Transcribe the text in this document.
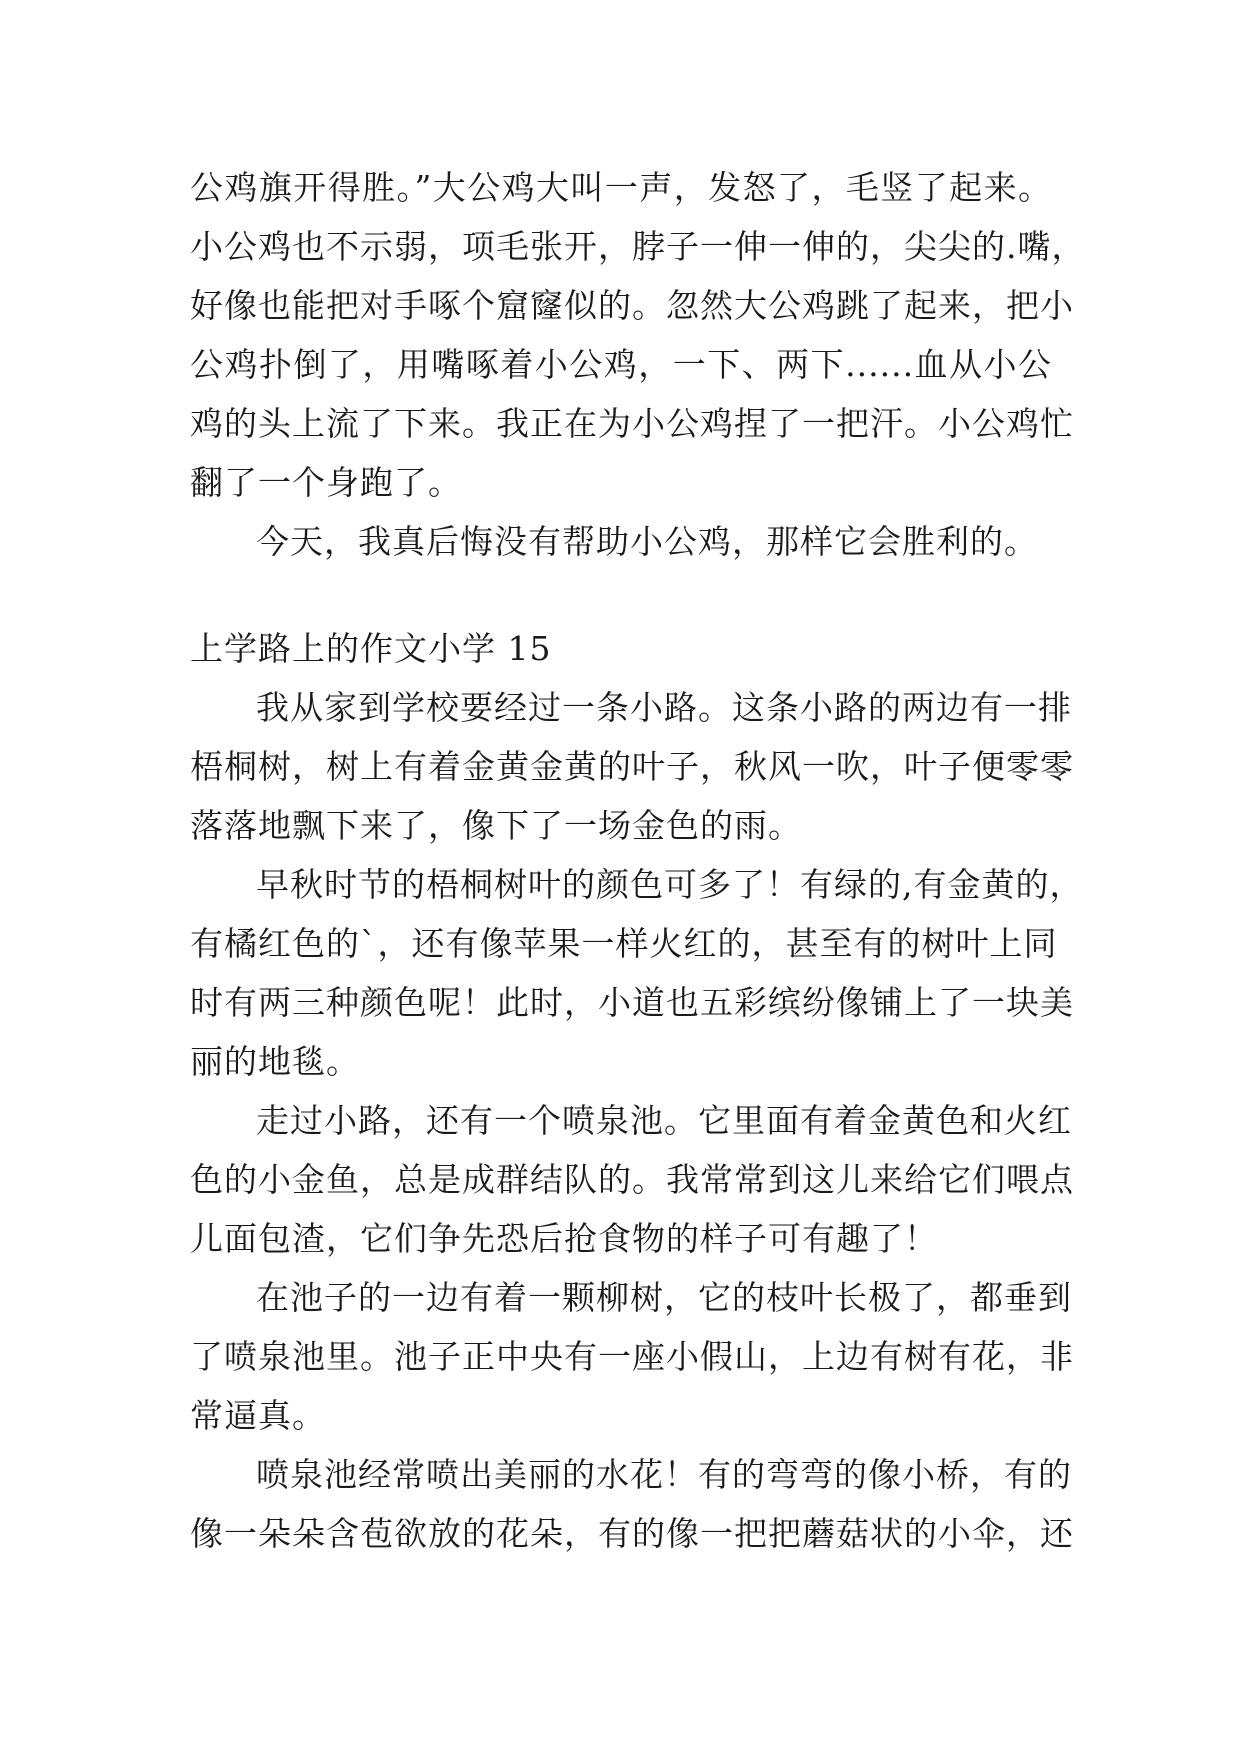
公鸡旗开得胜。”大公鸡大叫一声，发怒了，毛竖了起来。

小公鸡也不示弱，项毛张开，脖子一伸一伸的，尖尖的.嘴，

好像也能把对手啄个窟窿似的。忽然大公鸡跳了起来，把小

公鸡扑倒了，用嘴啄着小公鸡，一下、两下......血从小公

鸡的头上流了下来。我正在为小公鸡捏了一把汗。小公鸡忙

翻了一个身跑了。

今天，我真后悔没有帮助小公鸡，那样它会胜利的。

上学路上的作文小学 15

我从家到学校要经过一条小路。这条小路的两边有一排

梧桐树，树上有着金黄金黄的叶子，秋风一吹，叶子便零零

落落地飘下来了，像下了一场金色的雨。

早秋时节的梧桐树叶的颜色可多了！有绿的,有金黄的，

有橘红色的`，还有像苹果一样火红的，甚至有的树叶上同

时有两三种颜色呢！此时，小道也五彩缤纷像铺上了一块美

丽的地毯。

走过小路，还有一个喷泉池。它里面有着金黄色和火红

色的小金鱼，总是成群结队的。我常常到这儿来给它们喂点

儿面包渣，它们争先恐后抢食物的样子可有趣了！

在池子的一边有着一颗柳树，它的枝叶长极了，都垂到

了喷泉池里。池子正中央有一座小假山，上边有树有花，非

常逼真。

喷泉池经常喷出美丽的水花！有的弯弯的像小桥，有的

像一朵朵含苞欲放的花朵，有的像一把把蘑菇状的小伞，还
